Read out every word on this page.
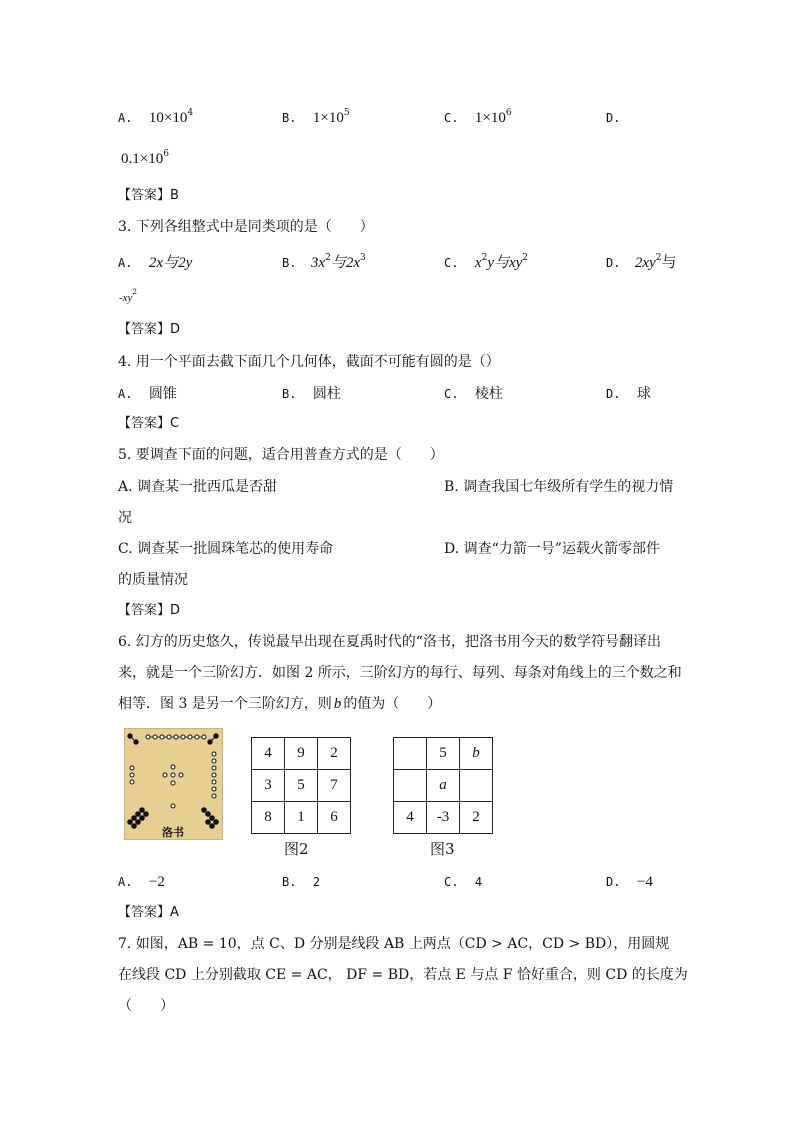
A. $10\times 10^4$	B. $1\times 10^5$	C. $1\times 10^6$	D.
$0.1\times 10^6$
【答案】B
3. 下列各组整式中是同类项的是（　　）
A. 2x与2y	B. $3x^2$与$2x^3$	C. $x^2y$与$xy^2$	D. $2xy^2$与
$-xy^2$
【答案】D
4. 用一个平面去截下面几个几何体，截面不可能有圆的是（）
A. 圆锥	B. 圆柱	C. 棱柱	D. 球
【答案】C
5. 要调查下面的问题，适合用普查方式的是（　　）
A. 调查某一批西瓜是否甜	B. 调查我国七年级所有学生的视力情
况
C. 调查某一批圆珠笔芯的使用寿命	D. 调查“力箭一号”运载火箭零部件
的质量情况
【答案】D
6. 幻方的历史悠久，传说最早出现在夏禹时代的“洛书，把洛书用今天的数学符号翻译出
来，就是一个三阶幻方．如图 2 所示，三阶幻方的每行、每列、每条对角线上的三个数之和
相等．图 3 是另一个三阶幻方，则 b 的值为（　　）
洛书
4	9	2
3	5	7
8	1	6
图2
	5	b
	a	
4	-3	2
图3
A. −2	B. 2	C. 4	D. −4
【答案】A
7. 如图，AB = 10，点 C、D 分别是线段 AB 上两点（CD > AC，CD > BD），用圆规
在线段 CD 上分别截取 CE = AC， DF = BD，若点 E 与点 F 恰好重合，则 CD 的长度为
（　　）
